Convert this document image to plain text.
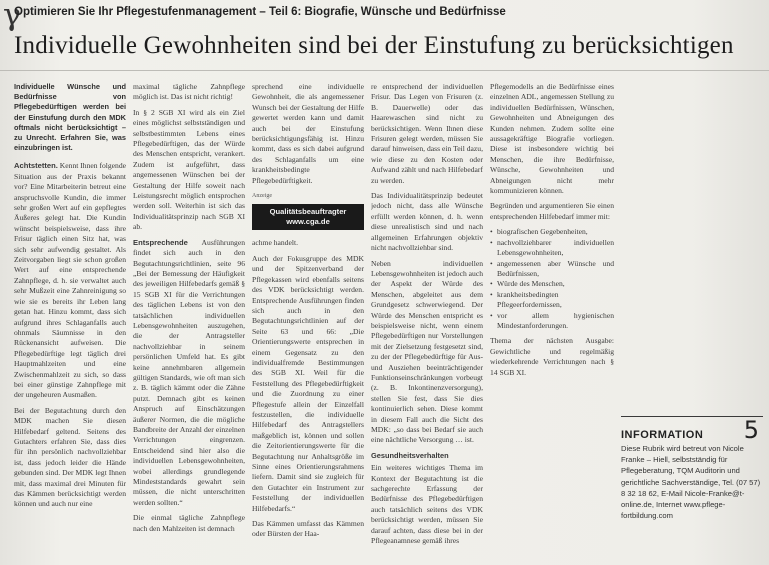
γ
Optimieren Sie Ihr Pflegestufenmanagement – Teil 6: Biografie, Wünsche und Bedürfnisse
Individuelle Gewohnheiten sind bei der Einstufung zu berücksichtigen

Individuelle Wünsche und Bedürfnisse von Pflegebedürftigen werden bei der Einstufung durch den MDK oftmals nicht berücksichtigt – zu Unrecht. Erfahren Sie, was einzubringen ist.

Achtstetten. Kennt Ihnen folgende Situation aus der Praxis bekannt vor? Eine Mitarbeiterin betreut eine anspruchsvolle Kundin, die immer sehr großen Wert auf ein gepflegtes Äußeres gelegt hat. Die Kundin wünscht beispielsweise, dass ihre Frisur täglich einen Sitz hat, was sich sehr aufwendig gestaltet. Als Zeitvorgaben liegt sie schon großen Wert auf eine entsprechende Zahnpflege, d. h. sie verwaltet auch sehr Mußzeit eine Zahnreinigung so wie sie es bereits ihr Leben lang getan hat. Hinzu kommt, dass sich aufgrund ihres Schlaganfalls auch ohnmals Säumnisse in den Rückenansicht aufweisen. Die Pflegebedürftige legt täglich drei Hauptmahlzeiten und eine Zwischenmahlzeit zu sich, so dass bei einer günstige Zahnpflege mit der ungeheuren Ausmaßen.

Bei der Begutachtung durch den MDK machen Sie diesen Hilfebedarf geltend. Seitens des Gutachters erfahren Sie, dass dies für ihn persönlich nachvollziehbar ist, dass jedoch leider die Hände gebunden sind. Der MDK legt Ihnen mit, dass maximal drei Minuten für das Kämmen berücksichtigt werden können und auch nur eine

maximal tägliche Zahnpflege möglich ist. Das ist nicht richtig!

In § 2 SGB XI wird als ein Ziel eines möglichst selbstständigen und selbstbestimmten Lebens eines Pflegebedürftigen, das der Würde des Menschen entspricht, verankert. Zudem ist aufgeführt, dass angemessenen Wünschen bei der Gestaltung der Hilfe soweit nach Leistungsrecht möglich entsprochen werden soll. Weiterhin ist sich das Individualitätsprinzip nach SGB XI ab.

Entsprechende Ausführungen findet sich auch in den Begutachtungsrichtlinien, seite 96 „Bei der Bemessung der Häufigkeit des jeweiligen Hilfebedarfs gemäß § 15 SGB XI für die Verrichtungen des täglichen Lebens ist von den tatsächlichen individuellen Lebensgewohnheiten auszugehen, die der Antragsteller nachvollziehbar in seinem persönlichen Umfeld hat. Es gibt keine annehmbaren allgemein gültigen Standards, wie oft man sich z. B. täglich kämmt oder die Zähne putzt. Demnach gibt es keinen Anspruch auf Einschätzungen äußerer Normen, die die mögliche Bandbreite der Anzahl der einzelnen Verrichtungen eingrenzen. Entscheidend sind hier also die individuellen Lebensgewohnheiten, wobei allerdings grundlegende Mindeststandards gewahrt sein müssen, die nicht unterschritten werden sollten.“

Die einmal tägliche Zahnpflege nach den Mahlzeiten ist demnach

sprechend eine individuelle Gewohnheit, die als angemessener Wunsch bei der Gestaltung der Hilfe gewertet werden kann und damit auch bei der Einstufung berücksichtigungsfähig ist. Hinzu kommt, dass es sich dabei aufgrund des Schlaganfalls um eine krankheitsbedingte Pflegebedürftigkeit.

Anzeige

Qualitätsbeauftragter
www.cga.de

achme handelt.

Auch der Fokusgruppe des MDK und der Spitzenverband der Pflegekassen wird ebenfalls seitens des VDK berücksichtigt werden. Entsprechende Ausführungen finden sich auch in den Begutachtungsrichtlinien auf der Seite 63 und 66: „Die Orientierungswerte entsprechen in einem Gegensatz zu den individualfremde Bestimmungen des SGB XI. Weil für die Feststellung des Pflegebedürftigkeit und die Zuordnung zu einer Pflegestufe allein der Einzelfall festzustellen, die individuelle Hilfebedarf des Antragstellers maßgeblich ist, können und sollen die Zeitorientierungswerte für die Begutachtung nur Anhaltsgröße im Sinne eines Orientierungsrahmens liefern. Damit sind sie zugleich für den Gutachter ein Instrument zur Feststellung der individuellen Hilfebedarfs.“

Das Kämmen umfasst das Kämmen oder Bürsten der Haa-

re entsprechend der individuellen Frisur. Das Legen von Frisuren (z. B. Dauerwelle) oder das Haarewaschen sind nicht zu berücksichtigen. Wenn Ihnen diese Frisuren gelegt werden, müssen Sie darauf hinweisen, dass ein Teil dazu, wie diese zu den Kosten oder Aufwand zählt und nach Hilfebedarf zu werden.

Das Individualitätsprinzip bedeutet jedoch nicht, dass alle Wünsche erfüllt werden können, d. h. wenn diese unrealistisch sind und nach allgemeinen Erfahrungen objektiv nicht nachvollziehbar sind.

Neben individuellen Lebensgewohnheiten ist jedoch auch der Aspekt der Würde des Menschen, abgeleitet aus dem Grundgesetz schwerwiegend. Der Würde des Menschen entspricht es beispielsweise nicht, wenn einem Pflegebedürftigen nur Vorstellungen mit der Zielsetzung festgesetzt sind, zu der der Pflegebedürftige für Aus- und Ausziehen beeinträchtigender Funktionseinschränkungen vorbeugt (z. B. Inkontinenzversorgung), stellen Sie fest, dass Sie dies kontinuierlich sehen. Diese kommt in diesem Fall auch die Sicht des MDK: „so dass bei Bedarf sie auch eine nächtliche Versorgung … ist.

Gesundheitsverhalten

Ein weiteres wichtiges Thema im Kontext der Begutachtung ist die sachgerechte Erfassung der Bedürfnisse des Pflegebedürftigen auch tatsächlich seitens des VDK berücksichtigt werden, müssen Sie darauf achten, dass diese bei in der Pflegeanamnese gemäß ihres

Pflegemodells an die Bedürfnisse eines einzelnen ADL, angemessen Stellung zu individuellen Bedürfnissen, Wünschen, Gewohnheiten und Abneigungen des Kunden nehmen. Zudem sollte eine aussagekräftige Biografie vorliegen. Diese ist insbesondere wichtig bei Menschen, die ihre Bedürfnisse, Wünsche, Gewohnheiten und Abneigungen nicht mehr kommunizieren können.

Begründen und argumentieren Sie einen entsprechenden Hilfebedarf immer mit:

• biografischen Gegebenheiten,
• nachvollziehbarer individuellen Lebensgewohnheiten,
• angemessenen aber Wünsche und Bedürfnissen,
• Würde des Menschen,
• krankheitsbedingten Pflegeerfordernissen,
• vor allem hygienischen Mindestanforderungen.

Thema der nächsten Ausgabe: Gewichtliche und regelmäßig wiederkehrende Verrichtungen nach § 14 SGB XI.

INFORMATION 5
Diese Rubrik wird betreut von Nicole Franke – Hiell, selbstständig für Pflegeberatung, TQM Auditorin und gerichtliche Sachverständige, Tel. (07 57) 8 32 18 62, E-Mail Nicole-Franke@t-online.de, Internet www.pflege-fortbildung.com
